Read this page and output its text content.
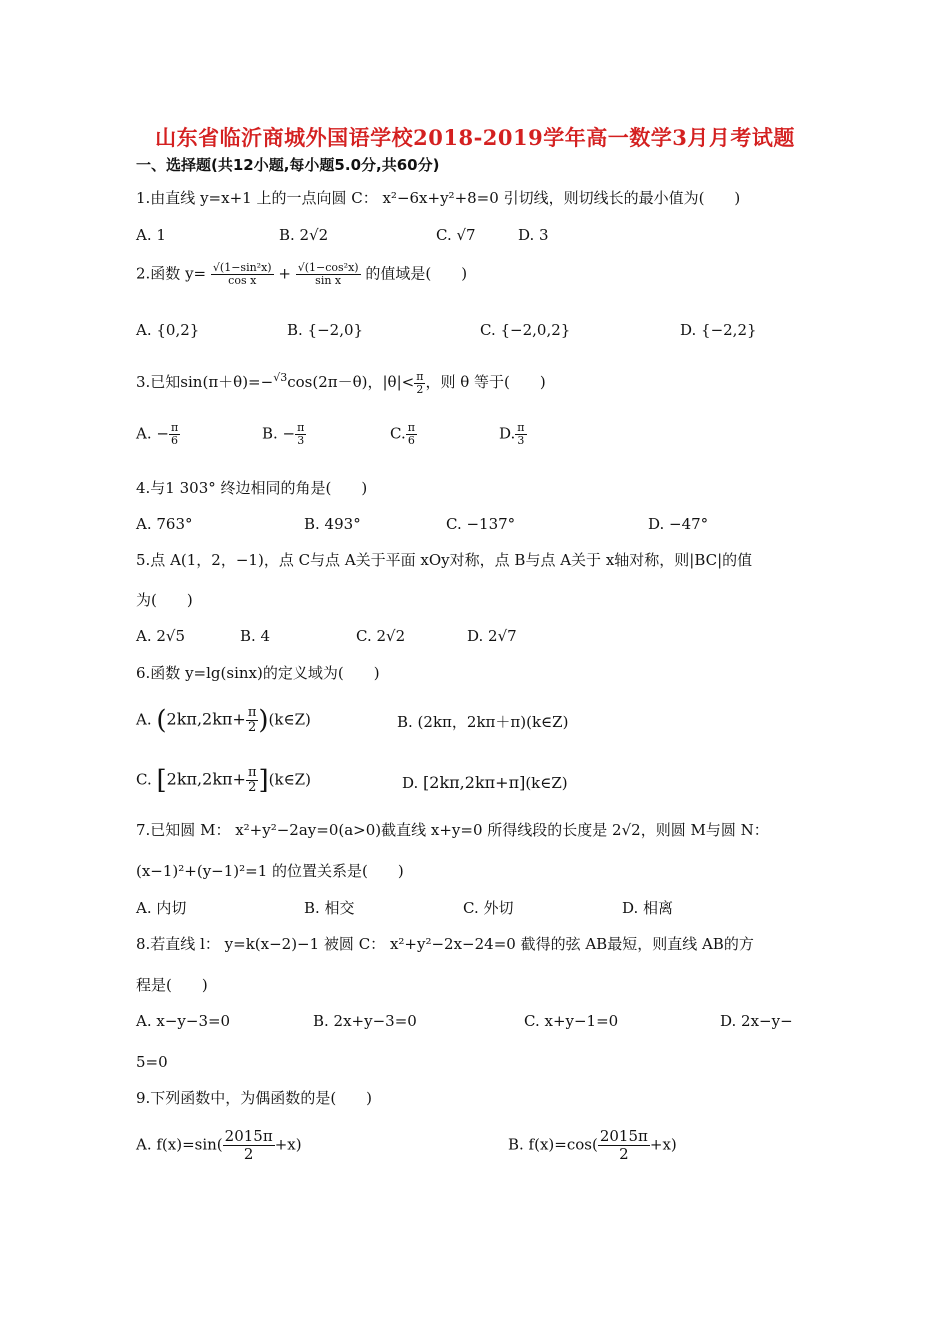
山东省临沂商城外国语学校2018-2019学年高一数学3月月考试题
一、选择题(共12小题,每小题5.0分,共60分)
1.由直线 y=x+1 上的一点向圆 C： x²−6x+y²+8=0 引切线，则切线长的最小值为(　　)
A. 1	B. 2√2	C. √7	D. 3
2.函数 $y= \frac{\text{√(1−sin²x)}}{\text{cos x}} + \frac{\text{√(1−cos²x)}}{\text{sin x}}$ 的值域是(　　)
A. {0,2}	B. {−2,0}	C. {−2,0,2}	D. {−2,2}
3.已知sin(π＋θ)=−$^{√3}$cos(2π－θ)，$|\theta|< \frac{\pi}{2}$ ，则 θ 等于(　　)
A. − $\frac{\pi}{6}$	B. − $\frac{\pi}{3}$	C. $\frac{\pi}{6}$	D. $\frac{\pi}{3}$
4.与1 303° 终边相同的角是(　　)
A. 763°	B. 493°	C. −137°	D. −47°
5.点 A(1，2，−1)，点 C与点 A关于平面 xOy对称，点 B与点 A关于 x轴对称，则|BC|的值
为(　　)
A. 2√5	B. 4	C. 2√2	D. 2√7
6.函数 y=lg(sinx)的定义域为(　　)
A. ($2k\pi,2k\pi+ \frac{\pi}{2}$ )(k∈Z)	B. (2kπ，2kπ＋π)(k∈Z)
C. [$2k\pi,2k\pi+ \frac{\pi}{2}$ ](k∈Z)	D. [2kπ,2kπ+π](k∈Z)
7.已知圆 M： x²+y²−2ay=0(a>0)截直线 x+y=0 所得线段的长度是 2√2，则圆 M与圆 N：
(x−1)²+(y−1)²=1 的位置关系是(　　)
A. 内切	B. 相交	C. 外切	D. 相离
8.若直线 l： y=k(x−2)−1 被圆 C： x²+y²−2x−24=0 截得的弦 AB最短，则直线 AB的方
程是(　　)
A. x−y−3=0	B. 2x+y−3=0	C. x+y−1=0	D. 2x−y−
5=0
9.下列函数中，为偶函数的是(　　)
A. $f(x)=\sin( \frac{2015\pi}{2} +x)$	B. $f(x)=\cos( \frac{2015\pi}{2} +x)$
